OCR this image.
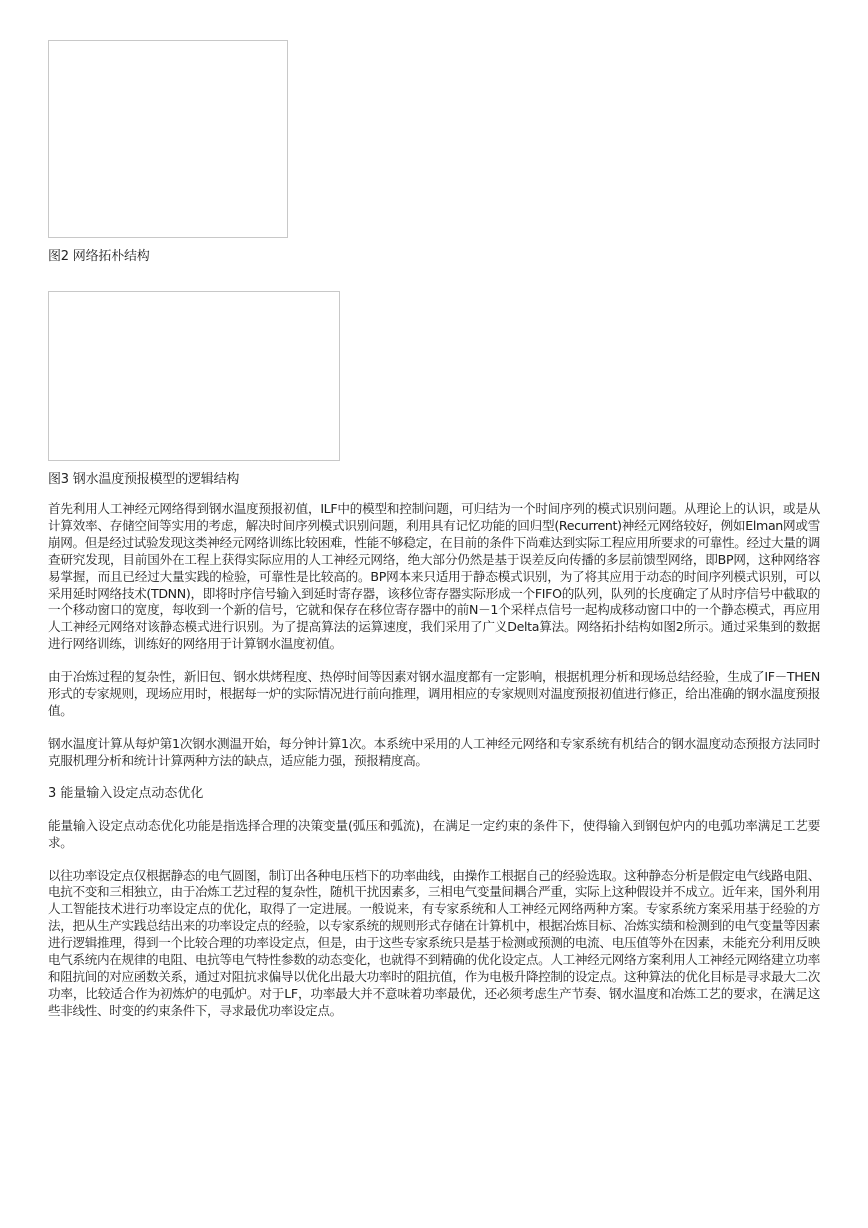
图2 网络拓朴结构

图3 钢水温度预报模型的逻辑结构

首先利用人工神经元网络得到钢水温度预报初值，ILF中的模型和控制问题，可归结为一个时间序列的模式识别问题。从理论上的认识，或是从计算效率、存储空间等实用的考虑，解决时间序列模式识别问题，利用具有记忆功能的回归型(Recurrent)神经元网络较好，例如Elman网或雪崩网。但是经过试验发现这类神经元网络训练比较困难，性能不够稳定，在目前的条件下尚难达到实际工程应用所要求的可靠性。经过大量的调查研究发现，目前国外在工程上获得实际应用的人工神经元网络，绝大部分仍然是基于误差反向传播的多层前馈型网络，即BP网，这种网络容易掌握，而且已经过大量实践的检验，可靠性是比较高的。BP网本来只适用于静态模式识别，为了将其应用于动态的时间序列模式识别，可以采用延时网络技术(TDNN)，即将时序信号输入到延时寄存器，该移位寄存器实际形成一个FIFO的队列，队列的长度确定了从时序信号中截取的一个移动窗口的宽度，每收到一个新的信号，它就和保存在移位寄存器中的前N－1个采样点信号一起构成移动窗口中的一个静态模式，再应用人工神经元网络对该静态模式进行识别。为了提高算法的运算速度，我们采用了广义Delta算法。网络拓扑结构如图2所示。通过采集到的数据进行网络训练，训练好的网络用于计算钢水温度初值。

由于冶炼过程的复杂性，新旧包、钢水烘烤程度、热停时间等因素对钢水温度都有一定影响，根据机理分析和现场总结经验，生成了IF－THEN形式的专家规则，现场应用时，根据每一炉的实际情况进行前向推理，调用相应的专家规则对温度预报初值进行修正，给出准确的钢水温度预报值。

钢水温度计算从每炉第1次钢水测温开始，每分钟计算1次。本系统中采用的人工神经元网络和专家系统有机结合的钢水温度动态预报方法同时克服机理分析和统计计算两种方法的缺点，适应能力强，预报精度高。

3 能量输入设定点动态优化

能量输入设定点动态优化功能是指选择合理的决策变量(弧压和弧流)，在满足一定约束的条件下，使得输入到钢包炉内的电弧功率满足工艺要求。

以往功率设定点仅根据静态的电气圆图，制订出各种电压档下的功率曲线，由操作工根据自己的经验选取。这种静态分析是假定电气线路电阻、电抗不变和三相独立，由于冶炼工艺过程的复杂性，随机干扰因素多，三相电气变量间耦合严重，实际上这种假设并不成立。近年来，国外利用人工智能技术进行功率设定点的优化，取得了一定进展。一般说来，有专家系统和人工神经元网络两种方案。专家系统方案采用基于经验的方法，把从生产实践总结出来的功率设定点的经验，以专家系统的规则形式存储在计算机中，根据冶炼目标、冶炼实绩和检测到的电气变量等因素进行逻辑推理，得到一个比较合理的功率设定点，但是，由于这些专家系统只是基于检测或预测的电流、电压值等外在因素，未能充分利用反映电气系统内在规律的电阻、电抗等电气特性参数的动态变化，也就得不到精确的优化设定点。人工神经元网络方案利用人工神经元网络建立功率和阻抗间的对应函数关系，通过对阻抗求偏导以优化出最大功率时的阻抗值，作为电极升降控制的设定点。这种算法的优化目标是寻求最大二次功率，比较适合作为初炼炉的电弧炉。对于LF，功率最大并不意味着功率最优，还必须考虑生产节奏、钢水温度和冶炼工艺的要求，在满足这些非线性、时变的约束条件下，寻求最优功率设定点。
